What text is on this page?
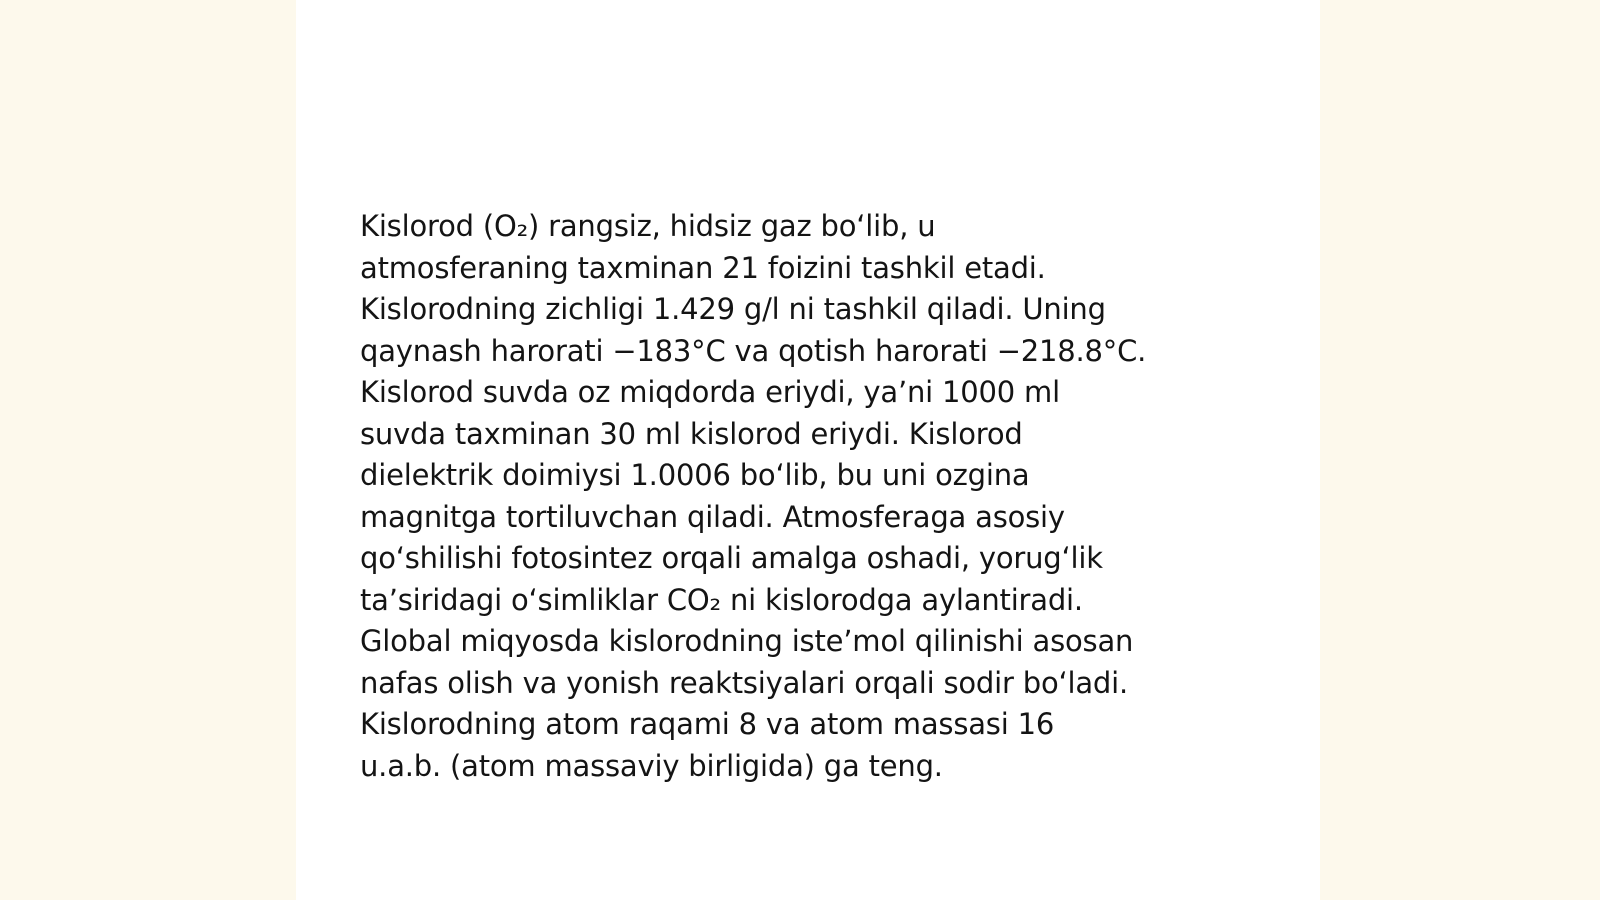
Kislorod (O₂) rangsiz, hidsiz gaz boʻlib, u
atmosferaning taxminan 21 foizini tashkil etadi.
Kislorodning zichligi 1.429 g/l ni tashkil qiladi. Uning
qaynash harorati −183°C va qotish harorati −218.8°C.
Kislorod suvda oz miqdorda eriydi, yaʼni 1000 ml
suvda taxminan 30 ml kislorod eriydi. Kislorod
dielektrik doimiysi 1.0006 boʻlib, bu uni ozgina
magnitga tortiluvchan qiladi. Atmosferaga asosiy
qoʻshilishi fotosintez orqali amalga oshadi, yorugʻlik
taʼsiridagi oʻsimliklar CO₂ ni kislorodga aylantiradi.
Global miqyosda kislorodning isteʼmol qilinishi asosan
nafas olish va yonish reaktsiyalari orqali sodir boʻladi.
Kislorodning atom raqami 8 va atom massasi 16
u.a.b. (atom massaviy birligida) ga teng.
